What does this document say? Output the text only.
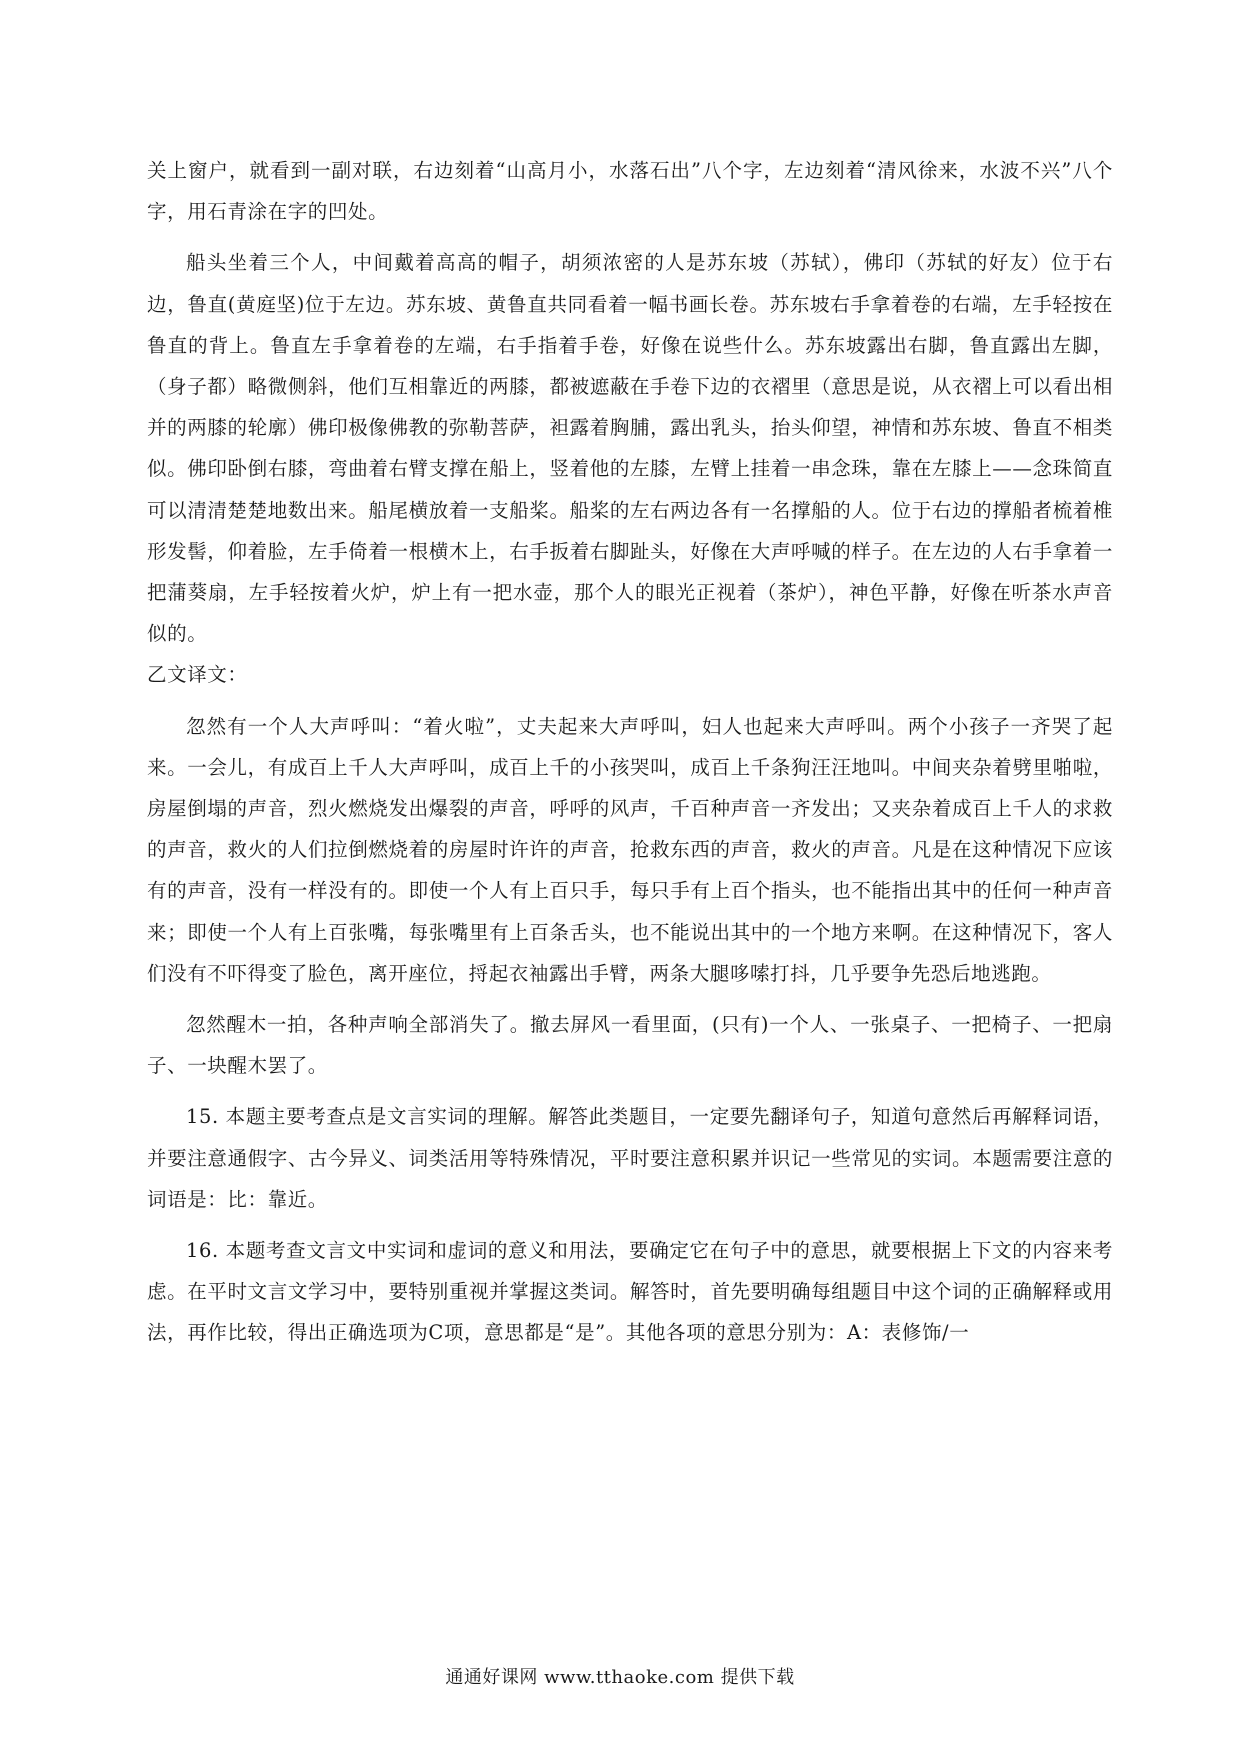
关上窗户，就看到一副对联，右边刻着“山高月小，水落石出”八个字，左边刻着“清风徐来，水波不兴”八个字，用石青涂在字的凹处。

船头坐着三个人，中间戴着高高的帽子，胡须浓密的人是苏东坡（苏轼），佛印（苏轼的好友）位于右边，鲁直(黄庭坚)位于左边。苏东坡、黄鲁直共同看着一幅书画长卷。苏东坡右手拿着卷的右端，左手轻按在鲁直的背上。鲁直左手拿着卷的左端，右手指着手卷，好像在说些什么。苏东坡露出右脚，鲁直露出左脚，（身子都）略微侧斜，他们互相靠近的两膝，都被遮蔽在手卷下边的衣褶里（意思是说，从衣褶上可以看出相并的两膝的轮廓）佛印极像佛教的弥勒菩萨，袒露着胸脯，露出乳头，抬头仰望，神情和苏东坡、鲁直不相类似。佛印卧倒右膝，弯曲着右臂支撑在船上，竖着他的左膝，左臂上挂着一串念珠，靠在左膝上——念珠简直可以清清楚楚地数出来。船尾横放着一支船桨。船桨的左右两边各有一名撑船的人。位于右边的撑船者梳着椎形发髻，仰着脸，左手倚着一根横木上，右手扳着右脚趾头，好像在大声呼喊的样子。在左边的人右手拿着一把蒲葵扇，左手轻按着火炉，炉上有一把水壶，那个人的眼光正视着（茶炉），神色平静，好像在听茶水声音似的。

乙文译文：

忽然有一个人大声呼叫：“着火啦”，丈夫起来大声呼叫，妇人也起来大声呼叫。两个小孩子一齐哭了起来。一会儿，有成百上千人大声呼叫，成百上千的小孩哭叫，成百上千条狗汪汪地叫。中间夹杂着劈里啪啦，房屋倒塌的声音，烈火燃烧发出爆裂的声音，呼呼的风声，千百种声音一齐发出；又夹杂着成百上千人的求救的声音，救火的人们拉倒燃烧着的房屋时许许的声音，抢救东西的声音，救火的声音。凡是在这种情况下应该有的声音，没有一样没有的。即使一个人有上百只手，每只手有上百个指头，也不能指出其中的任何一种声音来；即使一个人有上百张嘴，每张嘴里有上百条舌头，也不能说出其中的一个地方来啊。在这种情况下，客人们没有不吓得变了脸色，离开座位，捋起衣袖露出手臂，两条大腿哆嗦打抖，几乎要争先恐后地逃跑。

忽然醒木一拍，各种声响全部消失了。撤去屏风一看里面，(只有)一个人、一张桌子、一把椅子、一把扇子、一块醒木罢了。

15. 本题主要考查点是文言实词的理解。解答此类题目，一定要先翻译句子，知道句意然后再解释词语，并要注意通假字、古今异义、词类活用等特殊情况，平时要注意积累并识记一些常见的实词。本题需要注意的词语是：比：靠近。

16. 本题考查文言文中实词和虚词的意义和用法，要确定它在句子中的意思，就要根据上下文的内容来考虑。在平时文言文学习中，要特别重视并掌握这类词。解答时，首先要明确每组题目中这个词的正确解释或用法，再作比较，得出正确选项为C项，意思都是“是”。其他各项的意思分别为：A：表修饰/一

通通好课网 www.tthaoke.com 提供下载
